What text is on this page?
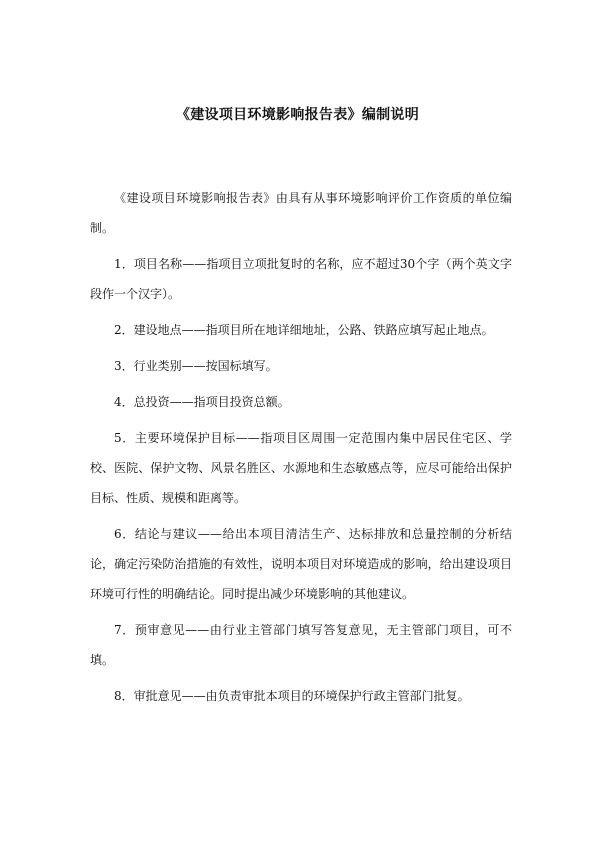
《建设项目环境影响报告表》编制说明

《建设项目环境影响报告表》由具有从事环境影响评价工作资质的单位编制。

1．项目名称——指项目立项批复时的名称，应不超过30个字（两个英文字段作一个汉字）。

2．建设地点——指项目所在地详细地址，公路、铁路应填写起止地点。

3．行业类别——按国标填写。

4．总投资——指项目投资总额。

5．主要环境保护目标——指项目区周围一定范围内集中居民住宅区、学校、医院、保护文物、风景名胜区、水源地和生态敏感点等，应尽可能给出保护目标、性质、规模和距离等。

6．结论与建议——给出本项目清洁生产、达标排放和总量控制的分析结论，确定污染防治措施的有效性，说明本项目对环境造成的影响，给出建设项目环境可行性的明确结论。同时提出减少环境影响的其他建议。

7．预审意见——由行业主管部门填写答复意见，无主管部门项目，可不填。

8．审批意见——由负责审批本项目的环境保护行政主管部门批复。
